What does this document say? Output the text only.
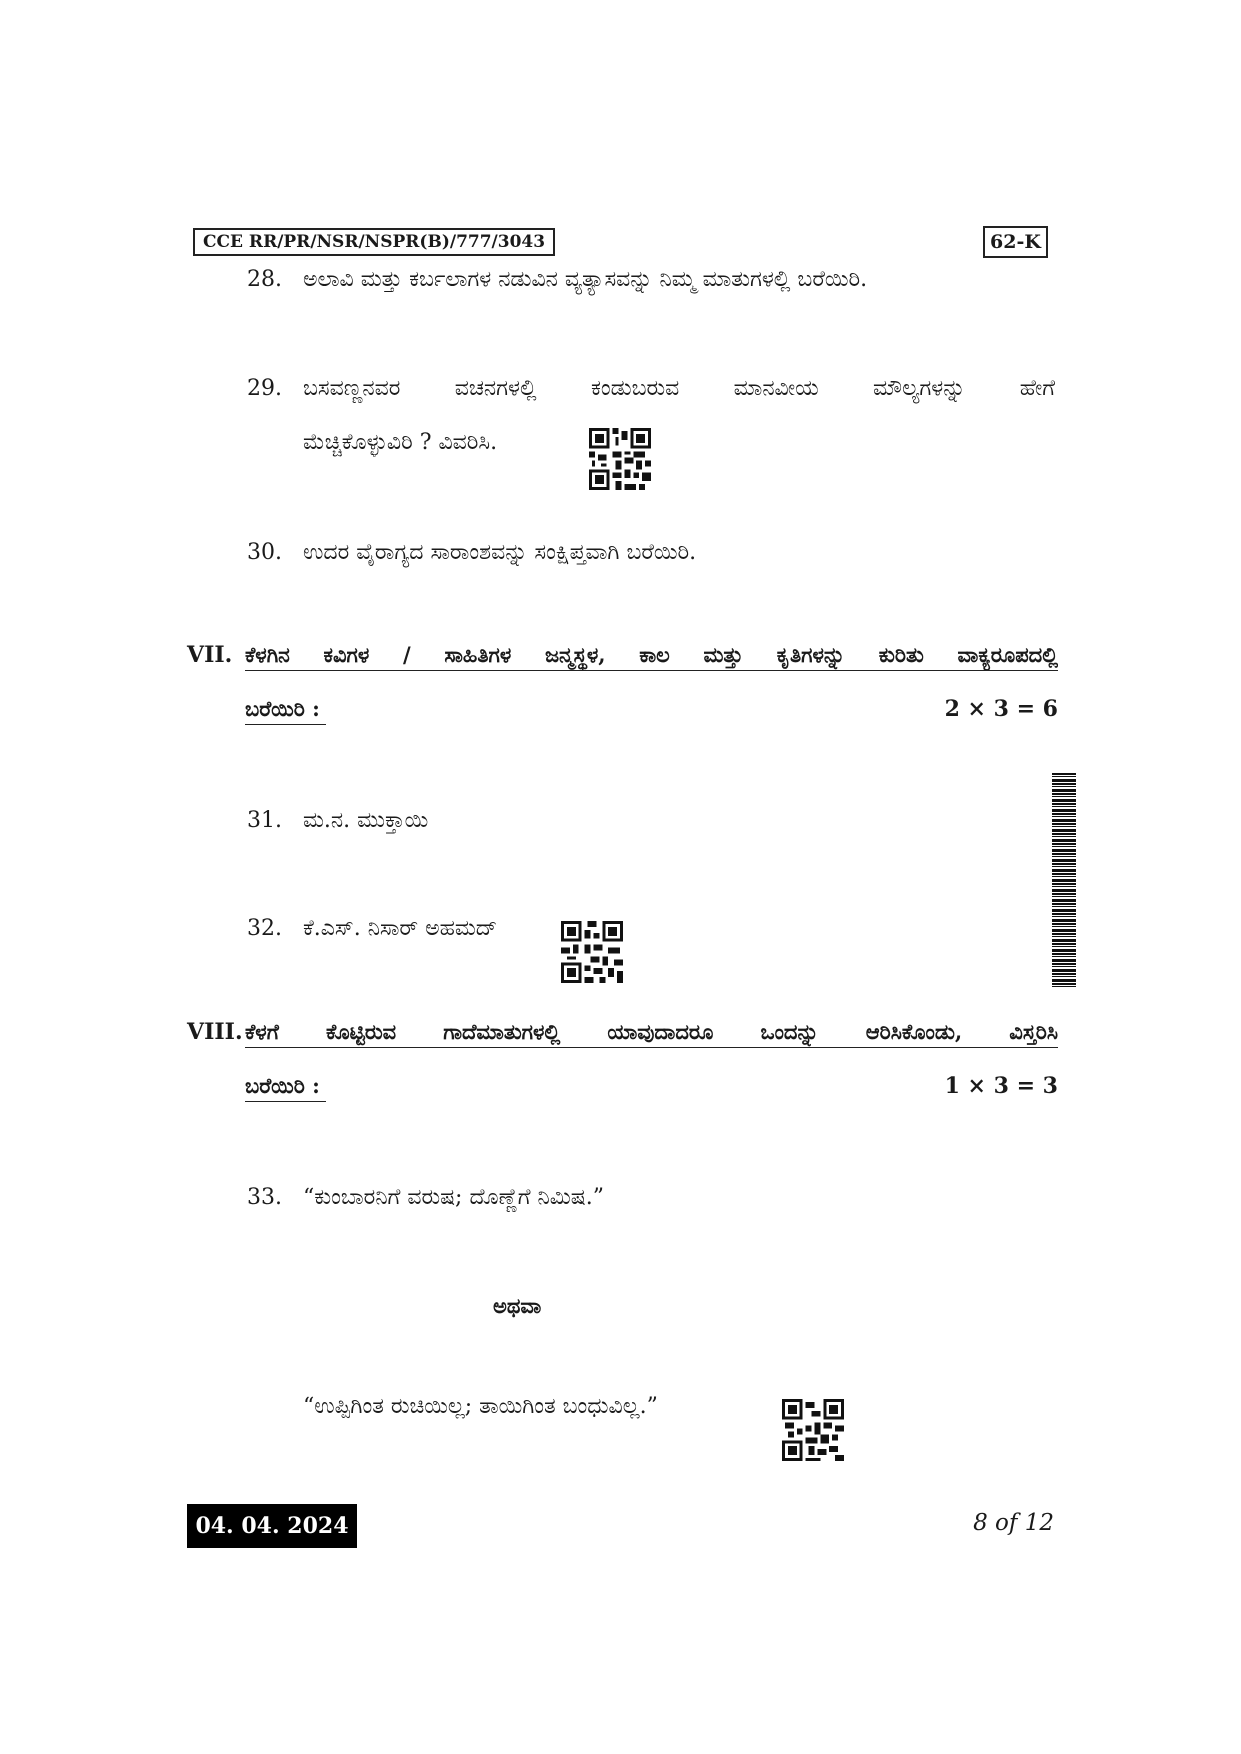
CCE RR/PR/NSR/NSPR(B)/777/3043	62-K
28. ಅಲಾವಿ ಮತ್ತು ಕರ್ಬಲಾಗಳ ನಡುವಿನ ವ್ಯತ್ಯಾಸವನ್ನು ನಿಮ್ಮ ಮಾತುಗಳಲ್ಲಿ ಬರೆಯಿರಿ.
29. ಬಸವಣ್ಣನವರ ವಚನಗಳಲ್ಲಿ ಕಂಡುಬರುವ ಮಾನವೀಯ ಮೌಲ್ಯಗಳನ್ನು ಹೇಗೆ
ಮೆಚ್ಚಿಕೊಳ್ಳುವಿರಿ ? ವಿವರಿಸಿ.
30. ಉದರ ವೈರಾಗ್ಯದ ಸಾರಾಂಶವನ್ನು ಸಂಕ್ಷಿಪ್ತವಾಗಿ ಬರೆಯಿರಿ.
VII. ಕೆಳಗಿನ ಕವಿಗಳ / ಸಾಹಿತಿಗಳ ಜನ್ಮಸ್ಥಳ, ಕಾಲ ಮತ್ತು ಕೃತಿಗಳನ್ನು ಕುರಿತು ವಾಕ್ಯರೂಪದಲ್ಲಿ
ಬರೆಯಿರಿ :	2 × 3 = 6
31. ಮ.ನ. ಮುಕ್ತಾಯಿ
32. ಕೆ.ಎಸ್. ನಿಸಾರ್ ಅಹಮದ್
VIII. ಕೆಳಗೆ ಕೊಟ್ಟಿರುವ ಗಾದೆಮಾತುಗಳಲ್ಲಿ ಯಾವುದಾದರೂ ಒಂದನ್ನು ಆರಿಸಿಕೊಂಡು, ವಿಸ್ತರಿಸಿ
ಬರೆಯಿರಿ :	1 × 3 = 3
33. “ಕುಂಬಾರನಿಗೆ ವರುಷ; ದೊಣ್ಣೆಗೆ ನಿಮಿಷ.”
ಅಥವಾ
“ಉಪ್ಪಿಗಿಂತ ರುಚಿಯಿಲ್ಲ; ತಾಯಿಗಿಂತ ಬಂಧುವಿಲ್ಲ.”
04. 04. 2024	8 of 12
